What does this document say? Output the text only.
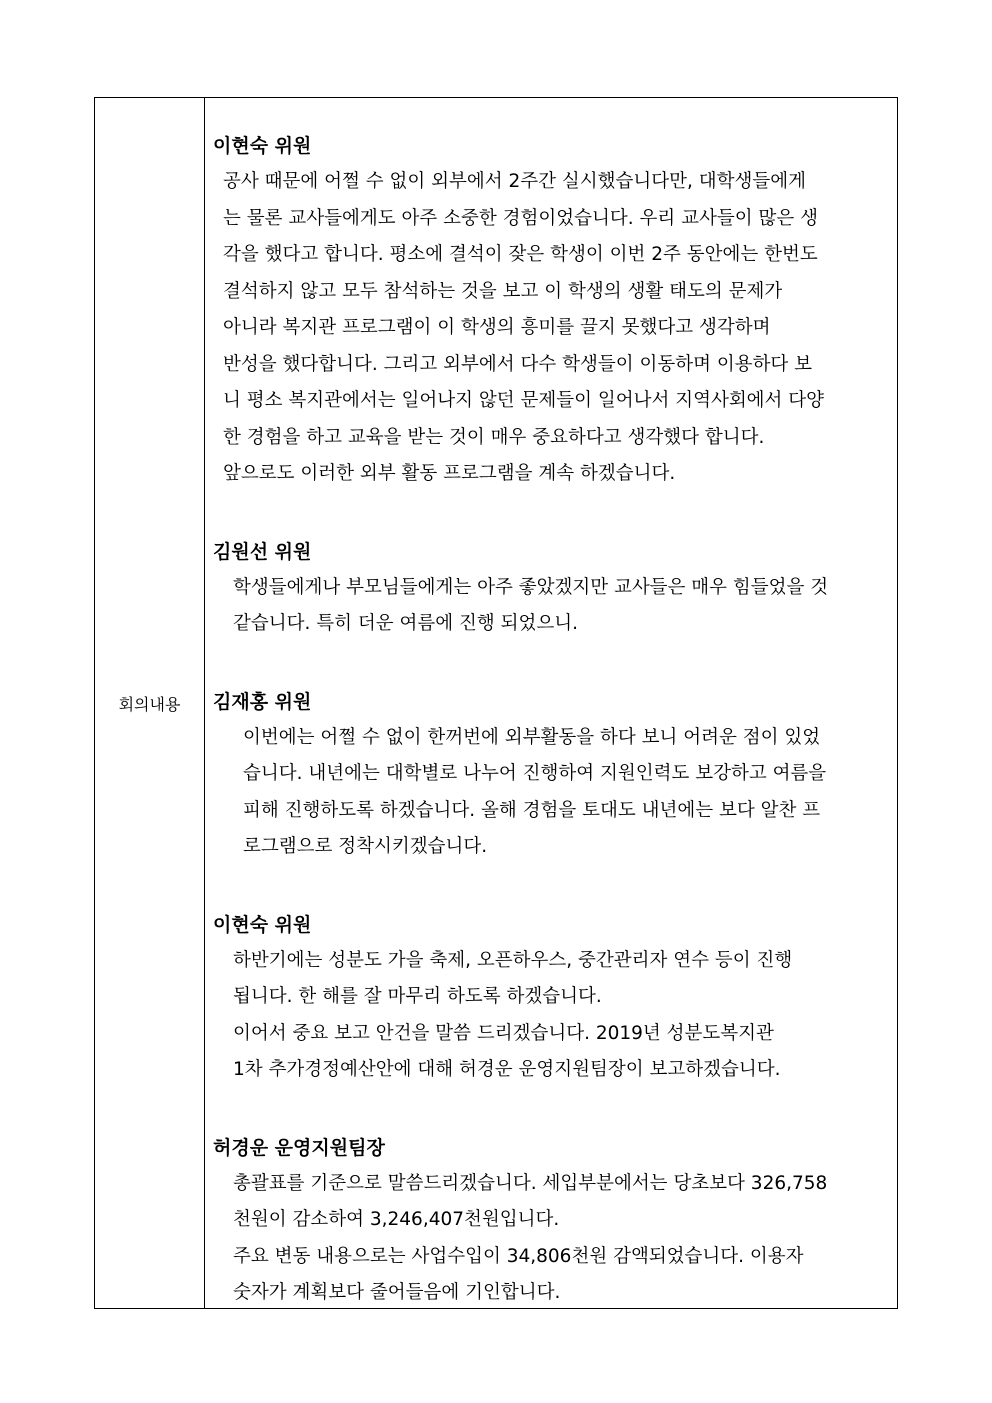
회의내용
이현숙 위원
공사 때문에 어쩔 수 없이 외부에서 2주간 실시했습니다만, 대학생들에게
는 물론 교사들에게도 아주 소중한 경험이었습니다. 우리 교사들이 많은 생
각을 했다고 합니다. 평소에 결석이 잦은 학생이 이번 2주 동안에는 한번도
결석하지 않고 모두 참석하는 것을 보고 이 학생의 생활 태도의 문제가
아니라 복지관 프로그램이 이 학생의 흥미를 끌지 못했다고 생각하며
반성을 했다합니다. 그리고 외부에서 다수 학생들이 이동하며 이용하다 보
니 평소 복지관에서는 일어나지 않던 문제들이 일어나서 지역사회에서 다양
한 경험을 하고 교육을 받는 것이 매우 중요하다고 생각했다 합니다.
앞으로도 이러한 외부 활동 프로그램을 계속 하겠습니다.
김원선 위원
학생들에게나 부모님들에게는 아주 좋았겠지만 교사들은 매우 힘들었을 것
같습니다. 특히 더운 여름에 진행 되었으니.
김재홍 위원
이번에는 어쩔 수 없이 한꺼번에 외부활동을 하다 보니 어려운 점이 있었
습니다. 내년에는 대학별로 나누어 진행하여 지원인력도 보강하고 여름을
피해 진행하도록 하겠습니다. 올해 경험을 토대도 내년에는 보다 알찬 프
로그램으로 정착시키겠습니다.
이현숙 위원
하반기에는 성분도 가을 축제, 오픈하우스, 중간관리자 연수 등이 진행
됩니다. 한 해를 잘 마무리 하도록 하겠습니다.
이어서 중요 보고 안건을 말씀 드리겠습니다. 2019년 성분도복지관
1차 추가경정예산안에 대해 허경운 운영지원팀장이 보고하겠습니다.
허경운 운영지원팀장
총괄표를 기준으로 말씀드리겠습니다. 세입부분에서는 당초보다 326,758
천원이 감소하여 3,246,407천원입니다.
주요 변동 내용으로는 사업수입이 34,806천원 감액되었습니다. 이용자
숫자가 계획보다 줄어들음에 기인합니다.
